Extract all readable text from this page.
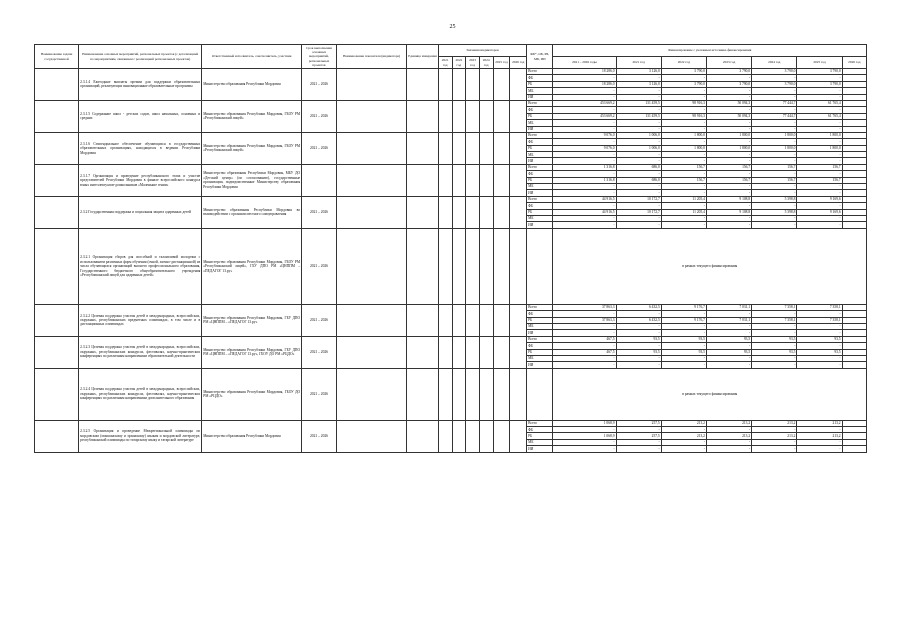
25
Наименование задачи государственной	Наименование основных мероприятий, региональных проектов (с детализацией по мероприятиям, связанным с реализацией региональных проектов)	Ответственный исполнитель, соисполнитель, участник	Срок выполнения основных мероприятий, региональных проектов	Наименование показателя (индикатора)	Единица измерения	Значения индикаторов						ФБ*, ОБ, РБ, МБ, ИИ	Финансирование с указанием источника финансирования						
						2021 год	2022 год	2023 год	2024 год	2025 год	2026 год		2021 – 2026 годы	2021 год	2022 год	2023 год	2024 год	2025 год	2026 год
	2.3.1.4 Ежегодные выплаты премии для поддержки образовательных организаций, реализующих инновационные образовательные программы	Министерство образования Республики Мордовия	2021 – 2026									Всего	18 286,0	3 126,0	3 790,0	3 790,0	3 790,0	3 790,0	
												ФБ	-	-	-	-	-	-	
												РБ	18 286,0	3 126,0	3 790,0	3 790,0	3 790,0	3 790,0	
												МБ	-	-	-	-	-	-	
												ИИ	-	-	-	-	-	-	
	2.3.1.5 Содержание школ - детских садов, школ начальных, основных и средних	Министерство образования Республики Мордовия, ГБОУ РМ «Республиканский лицей»	2021 – 2026									Всего	453 669,2	131 459,5	98 916,3	50 094,3	77 444,7	61 765,4	
												ФБ	-	-	-	-	-	-	
												РБ	453 669,2	131 459,5	98 916,3	50 094,3	77 444,7	61 765,4	
												МБ	-	-	-	-	-	-	
												ИИ	-	-	-	-	-	-	
	2.3.1.6 Стипендиальное обеспечение обучающихся в государственных образовательных организациях, находящихся в ведении Республики Мордовия	Министерство образования Республики Мордовия, ГБОУ РМ «Республиканский лицей»	2021 – 2026									Всего	9 076,0	1 006,0	1 800,0	1 800,0	1 800,0	1 800,0	
												ФБ	-	-	-	-	-	-	
												РБ	9 076,0	1 006,0	1 800,0	1 800,0	1 800,0	1 800,0	
												МБ	-	-	-	-	-	-	
												ИИ	-	-	-	-	-	-	
	2.3.1.7 Организация и проведение республиканского этапа и участие представителей Республики Мордовия в финале всероссийского конкурса юных интеллектуалов-дошкольников «Маленькие гении»	Министерство образования Республики Мордовия, МБУ ДО «Детский центр» (по согласованию), государственные организации, подведомственные Министерству образования Республики Мордовия										Всего	1 316,8	686,0	156,7	156,7	156,7	156,7	
												ФБ	-	-	-	-	-	-	
												РБ	1 316,8	686,0	156,7	156,7	156,7	156,7	
												МБ	-	-	-	-	-	-	
												ИИ	-	-	-	-	-	-	
	2.3.2 Государственная поддержка и социальная защита одаренных детей	Министерство образования Республики Мордовия во взаимодействии с органами местного самоуправления	2021 – 2026									Всего	44 916,5	10 172,7	11 205,4	9 108,8	5 398,8	9 169,6	
												ФБ	-	-	-	-	-	-	
												РБ	44 916,5	10 172,7	11 205,4	9 108,8	5 398,8	9 169,6	
												МБ	-	-	-	-	-	-	
												ИИ	-	-	-	-	-	-	
	2.3.2.1 Организация сборов для способной и талантливой молодежи с использованием различных форм обучения (очной, заочно-дистанционной) из числа обучающихся организаций высшего профессионального образования, Государственного бюджетного общеобразовательного учреждения «Республиканский лицей для одаренных детей»	Министерство образования Республики Мордовия, ГБОУ РМ «Республиканский лицей», ГБУ ДПО РМ «ЦНППМ – «ПЕДАГОГ 13.ру»	2021 – 2026										в рамках текущего финансирования						
	2.3.2.2 Целевая поддержка участия детей в международных, всероссийских, окружных, республиканских предметных олимпиадах, в том числе и в дистанционных олимпиадах	Министерство образования Республики Мордовия, ГБУ ДПО РМ «ЦНППМ – «ПЕДАГОГ 13.ру»	2021 – 2026									Всего	37 863,3	6 432,5	9 176,7	7 031,1	7 358,1	7 358,1	
												ФБ	-	-	-	-	-	-	
												РБ	37 863,3	6 432,5	9 176,7	7 031,1	7 358,1	7 358,1	
												МБ	-	-	-	-	-	-	
												ИИ	-	-	-	-	-	-	
	2.3.2.3 Целевая поддержка участия детей в международных, всероссийских, окружных, республиканских конкурсах, фестивалях, научно-практических конференциях по различным направлениям образовательной деятельности	Министерство образования Республики Мордовия, ГБУ ДПО РМ «ЦНППМ – «ПЕДАГОГ 13.ру», ГБОУ ДО РМ «РЦДО»	2021 – 2026									Всего	467,5	93,5	93,5	93,5	93,5	93,5	
												ФБ	-	-	-	-	-	-	
												РБ	467,5	93,5	93,5	93,5	93,5	93,5	
												МБ	-	-	-	-	-	-	
												ИИ	-	-	-	-	-	-	
	2.3.2.4 Целевая поддержка участия детей в международных, всероссийских, окружных, республиканских конкурсах, фестивалях, научно-практических конференциях по различным направлениям дополнительного образования	Министерство образования Республики Мордовия, ГБОУ ДО РМ «РЦДО»	2021 – 2026										в рамках текущего финансирования						
	2.3.2.5 Организация и проведение Межрегиональной олимпиады по мордовским (мокшанскому и эрзянскому) языкам и мордовской литературе, республиканской олимпиады по татарскому языку и татарской литературе	Министерство образования Республики Мордовия	2021 – 2026									Всего	1 068,9	257,5	213,2	213,2	213,2	213,2	
												ФБ	-	-	-	-	-	-	
												РБ	1 068,9	257,5	213,2	213,2	213,2	213,2	
												МБ	-	-	-	-	-	-	
												ИИ	-	-	-	-	-	-	
